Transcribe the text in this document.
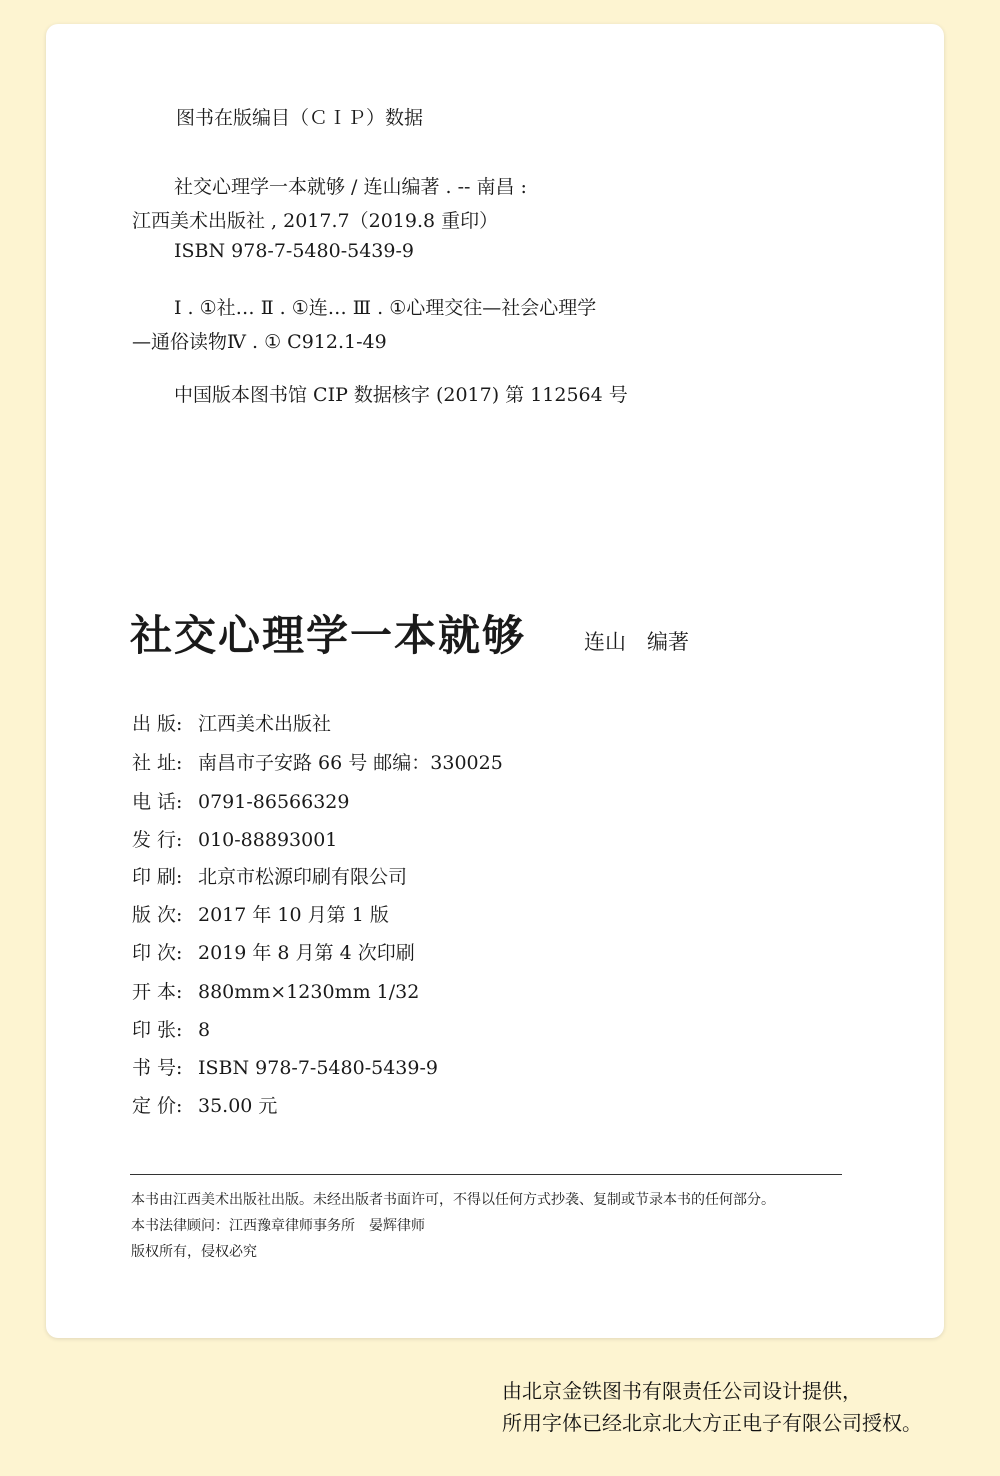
图书在版编目（ＣＩＰ）数据
社交心理学一本就够 / 连山编著 . -- 南昌 :
江西美术出版社 , 2017.7（2019.8 重印）
ISBN 978-7-5480-5439-9
Ⅰ . ①社… Ⅱ . ①连… Ⅲ . ①心理交往—社会心理学
—通俗读物Ⅳ . ① C912.1-49
中国版本图书馆 CIP 数据核字 (2017) 第 112564 号
社交心理学一本就够	连山　编著
出 版: 江西美术出版社
社 址: 南昌市子安路 66 号 邮编：330025
电 话: 0791-86566329
发 行: 010-88893001
印 刷: 北京市松源印刷有限公司
版 次: 2017 年 10 月第 1 版
印 次: 2019 年 8 月第 4 次印刷
开 本: 880mm×1230mm 1/32
印 张: 8
书 号: ISBN 978-7-5480-5439-9
定 价: 35.00 元
本书由江西美术出版社出版。未经出版者书面许可，不得以任何方式抄袭、复制或节录本书的任何部分。
本书法律顾问：江西豫章律师事务所　晏辉律师
版权所有，侵权必究
由北京金铁图书有限责任公司设计提供，
所用字体已经北京北大方正电子有限公司授权。
